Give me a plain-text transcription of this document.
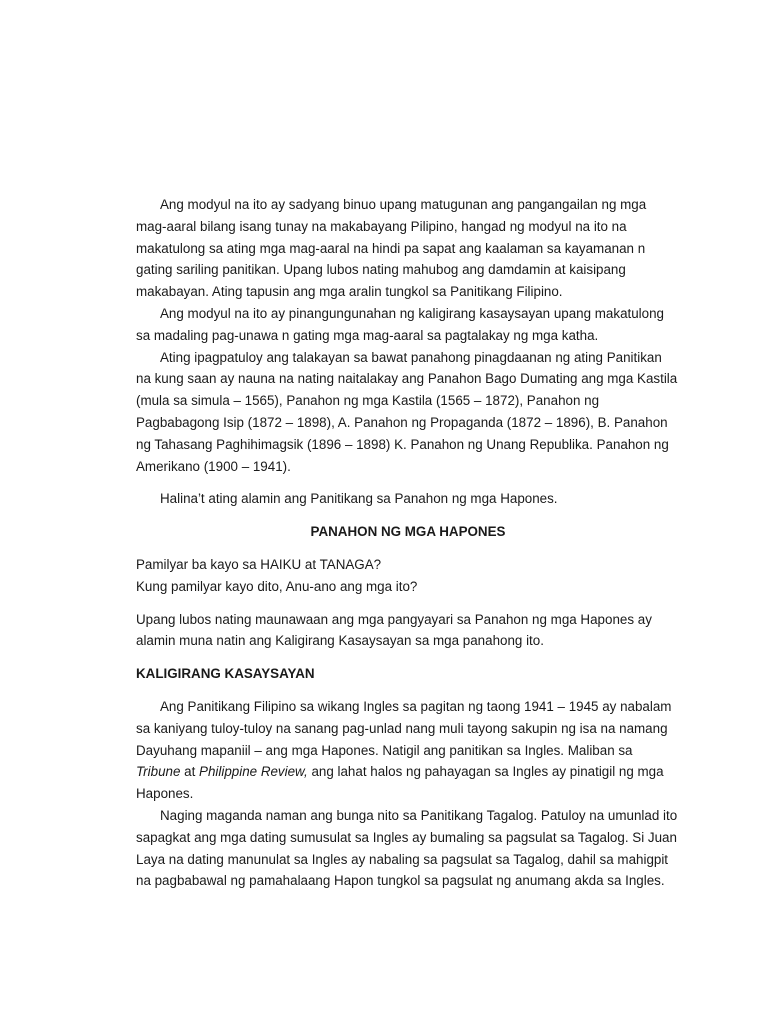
Ang modyul na ito ay sadyang binuo upang matugunan ang pangangailan ng mga mag-aaral bilang isang tunay na makabayang Pilipino, hangad ng modyul na ito na makatulong sa ating mga mag-aaral na hindi pa sapat ang kaalaman sa kayamanan n gating sariling panitikan. Upang lubos nating mahubog ang damdamin at kaisipang makabayan. Ating tapusin ang mga aralin tungkol sa Panitikang Filipino.

Ang modyul na ito ay pinangungunahan ng kaligirang kasaysayan upang makatulong sa madaling pag-unawa n gating mga mag-aaral sa pagtalakay ng mga katha.

Ating ipagpatuloy ang talakayan sa bawat panahong pinagdaanan ng ating Panitikan na kung saan ay nauna na nating naitalakay ang Panahon Bago Dumating ang mga Kastila (mula sa simula – 1565), Panahon ng mga Kastila (1565 – 1872), Panahon ng Pagbabagong Isip (1872 – 1898), A. Panahon ng Propaganda (1872 – 1896), B. Panahon ng Tahasang Paghihimagsik (1896 – 1898) K. Panahon ng Unang Republika. Panahon ng Amerikano (1900 – 1941).

Halina’t ating alamin ang Panitikang sa Panahon ng mga Hapones.

PANAHON NG MGA HAPONES

Pamilyar ba kayo sa HAIKU at TANAGA?

Kung pamilyar kayo dito, Anu-ano ang mga ito?

Upang lubos nating maunawaan ang mga pangyayari sa Panahon ng mga Hapones ay alamin muna natin ang Kaligirang Kasaysayan sa mga panahong ito.

KALIGIRANG KASAYSAYAN

Ang Panitikang Filipino sa wikang Ingles sa pagitan ng taong 1941 – 1945 ay nabalam sa kaniyang tuloy-tuloy na sanang pag-unlad nang muli tayong sakupin ng isa na namang Dayuhang mapaniil – ang mga Hapones. Natigil ang panitikan sa Ingles. Maliban sa Tribune at Philippine Review, ang lahat halos ng pahayagan sa Ingles ay pinatigil ng mga Hapones.

Naging maganda naman ang bunga nito sa Panitikang Tagalog. Patuloy na umunlad ito sapagkat ang mga dating sumusulat sa Ingles ay bumaling sa pagsulat sa Tagalog. Si Juan Laya na dating manunulat sa Ingles ay nabaling sa pagsulat sa Tagalog, dahil sa mahigpit na pagbabawal ng pamahalaang Hapon tungkol sa pagsulat ng anumang akda sa Ingles.
